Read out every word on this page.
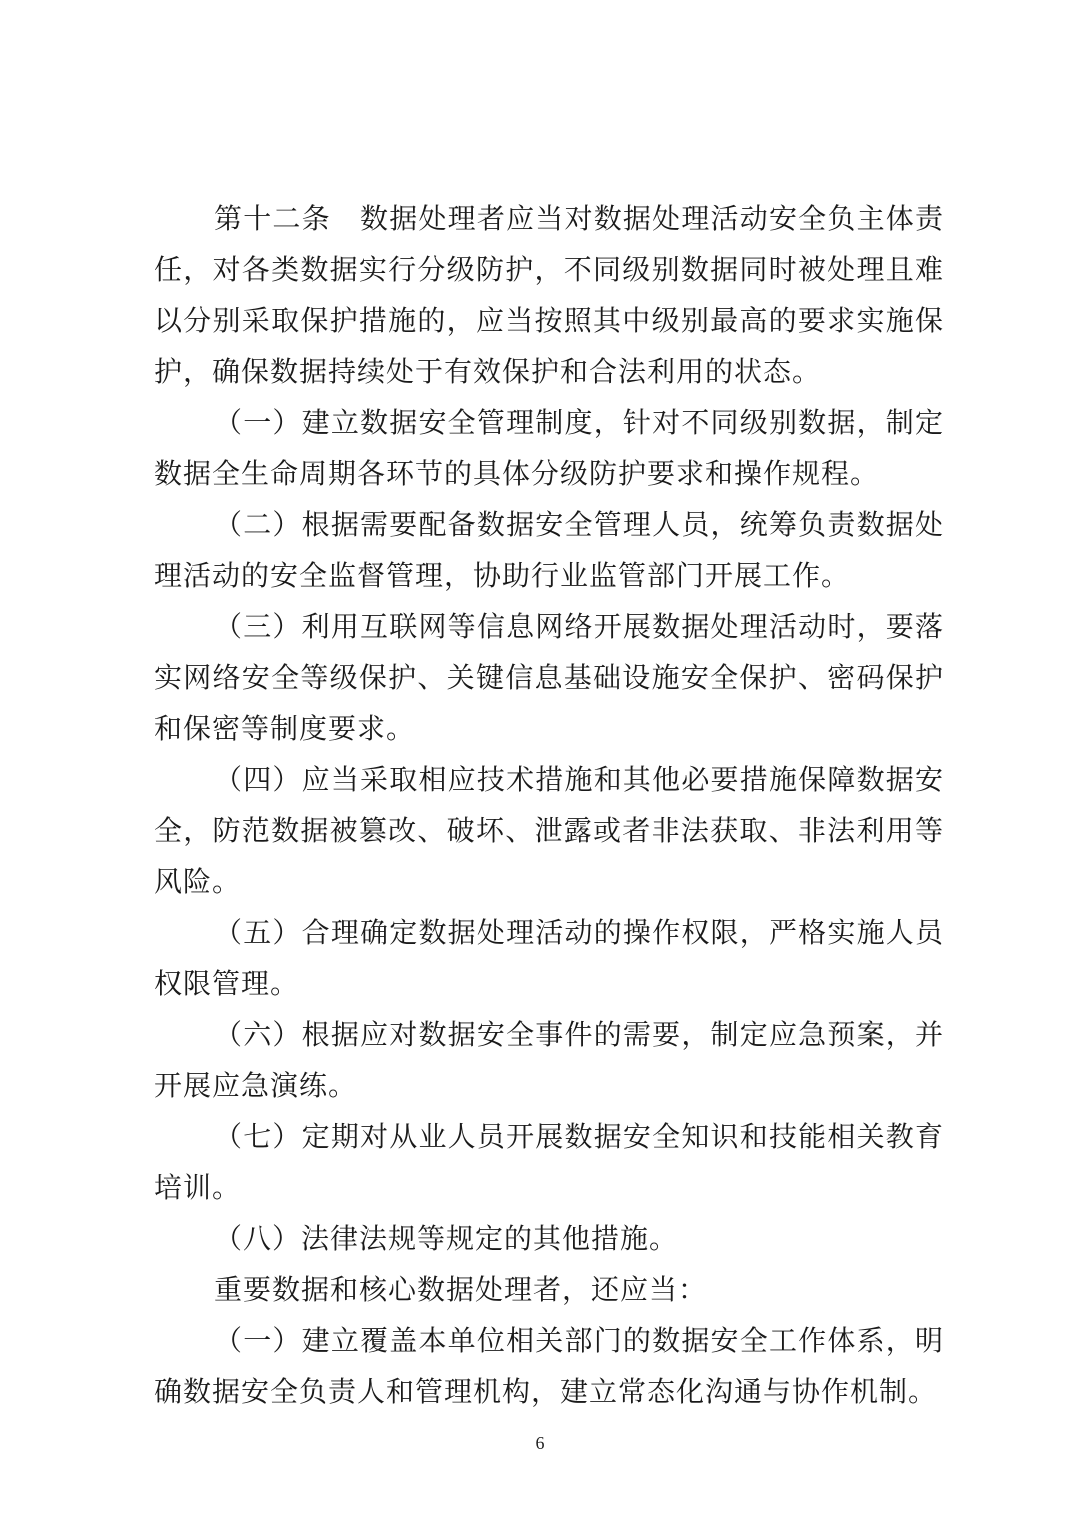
第十二条　数据处理者应当对数据处理活动安全负主体责任，对各类数据实行分级防护，不同级别数据同时被处理且难以分别采取保护措施的，应当按照其中级别最高的要求实施保护，确保数据持续处于有效保护和合法利用的状态。

（一）建立数据安全管理制度，针对不同级别数据，制定数据全生命周期各环节的具体分级防护要求和操作规程。

（二）根据需要配备数据安全管理人员，统筹负责数据处理活动的安全监督管理，协助行业监管部门开展工作。

（三）利用互联网等信息网络开展数据处理活动时，要落实网络安全等级保护、关键信息基础设施安全保护、密码保护和保密等制度要求。

（四）应当采取相应技术措施和其他必要措施保障数据安全，防范数据被篡改、破坏、泄露或者非法获取、非法利用等风险。

（五）合理确定数据处理活动的操作权限，严格实施人员权限管理。

（六）根据应对数据安全事件的需要，制定应急预案，并开展应急演练。

（七）定期对从业人员开展数据安全知识和技能相关教育培训。

（八）法律法规等规定的其他措施。

重要数据和核心数据处理者，还应当：

（一）建立覆盖本单位相关部门的数据安全工作体系，明确数据安全负责人和管理机构，建立常态化沟通与协作机制。

6
